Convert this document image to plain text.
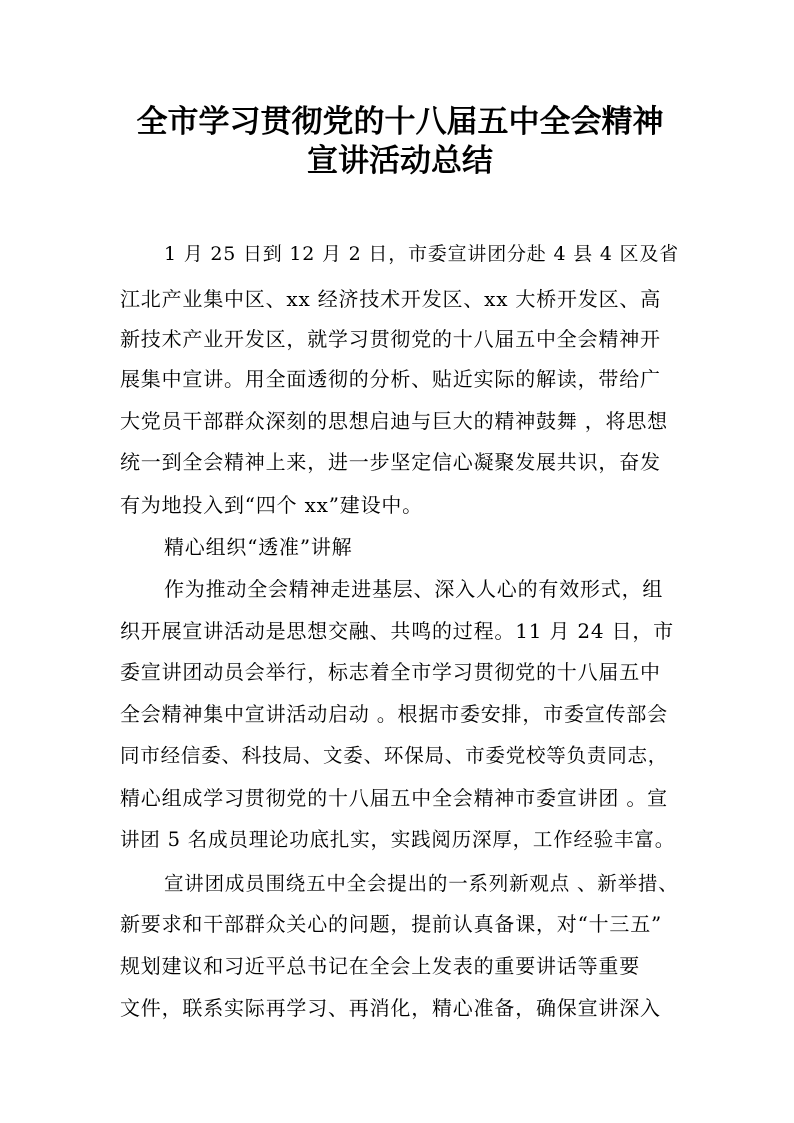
全市学习贯彻党的十八届五中全会精神
宣讲活动总结
1 月 25 日到 12 月 2 日，市委宣讲团分赴 4 县 4 区及省
江北产业集中区、xx 经济技术开发区、xx 大桥开发区、高
新技术产业开发区，就学习贯彻党的十八届五中全会精神开
展集中宣讲。用全面透彻的分析、贴近实际的解读，带给广
大党员干部群众深刻的思想启迪与巨大的精神鼓舞 ，将思想
统一到全会精神上来，进一步坚定信心凝聚发展共识，奋发
有为地投入到“四个 xx”建设中。
精心组织“透准”讲解
作为推动全会精神走进基层、深入人心的有效形式，组
织开展宣讲活动是思想交融、共鸣的过程。11 月 24 日，市
委宣讲团动员会举行，标志着全市学习贯彻党的十八届五中
全会精神集中宣讲活动启动 。根据市委安排，市委宣传部会
同市经信委、科技局、文委、环保局、市委党校等负责同志，
精心组成学习贯彻党的十八届五中全会精神市委宣讲团 。宣
讲团 5 名成员理论功底扎实，实践阅历深厚，工作经验丰富。
宣讲团成员围绕五中全会提出的一系列新观点 、新举措、
新要求和干部群众关心的问题，提前认真备课，对“十三五”
规划建议和习近平总书记在全会上发表的重要讲话等重要
文件，联系实际再学习、再消化，精心准备，确保宣讲深入
